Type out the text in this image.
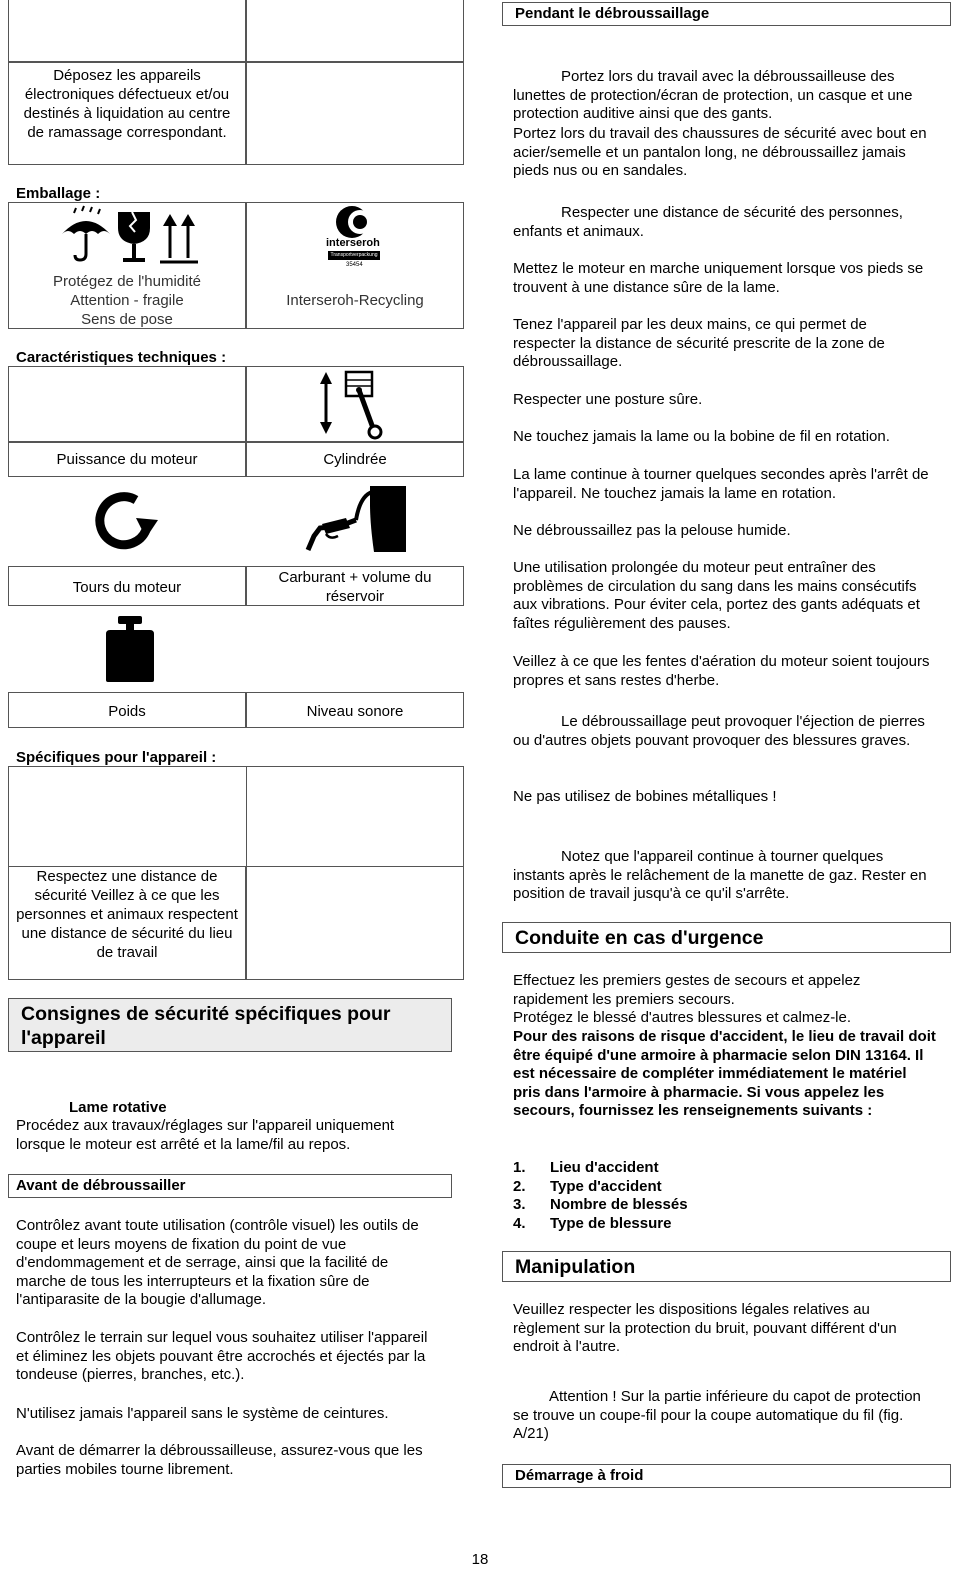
Déposez les appareils électroniques défectueux et/ou destinés à liquidation au centre de ramassage correspondant.
Emballage :
Protégez de l'humidité
Attention - fragile
Sens de pose
interseroh
Transportverpackung
35454
Interseroh-Recycling
Caractéristiques techniques :
Puissance du moteur	Cylindrée
Tours du moteur
Carburant + volume du réservoir
Poids	Niveau sonore
Spécifiques pour l'appareil :
Respectez une distance de sécurité Veillez à ce que les personnes et animaux respectent une distance de sécurité du lieu de travail
Consignes de sécurité spécifiques pour l'appareil
Lame rotative
Procédez aux travaux/réglages sur l'appareil uniquement lorsque le moteur est arrêté et la lame/fil au repos.
Avant de débroussailler
Contrôlez avant toute utilisation (contrôle visuel) les outils de coupe et leurs moyens de fixation du point de vue d'endommagement et de serrage, ainsi que la facilité de marche de tous les interrupteurs et la fixation sûre de l'antiparasite de la bougie d'allumage.
Contrôlez le terrain sur lequel vous souhaitez utiliser l'appareil et éliminez les objets pouvant être accrochés et éjectés par la tondeuse (pierres, branches, etc.).
N'utilisez jamais l'appareil sans le système de ceintures.
Avant de démarrer la débroussailleuse, assurez-vous que les parties mobiles tourne librement.
Pendant le débroussaillage
Portez lors du travail avec la débroussailleuse des lunettes de protection/écran de protection, un casque et une protection auditive ainsi que des gants.
Portez lors du travail des chaussures de sécurité avec bout en acier/semelle et un pantalon long, ne débroussaillez jamais pieds nus ou en sandales.
Respecter une distance de sécurité des personnes, enfants et animaux.
Mettez le moteur en marche uniquement lorsque vos pieds se trouvent à une distance sûre de la lame.
Tenez l'appareil par les deux mains, ce qui permet de respecter la distance de sécurité prescrite de la zone de débroussaillage.
Respecter une posture sûre.
Ne touchez jamais la lame ou la bobine de fil en rotation.
La lame continue à tourner quelques secondes après l'arrêt de l'appareil. Ne touchez jamais la lame en rotation.
Ne débroussaillez pas la pelouse humide.
Une utilisation prolongée du moteur peut entraîner des problèmes de circulation du sang dans les mains consécutifs aux vibrations. Pour éviter cela, portez des gants adéquats et faîtes régulièrement des pauses.
Veillez à ce que les fentes d'aération du moteur soient toujours propres et sans restes d'herbe.
Le débroussaillage peut provoquer l'éjection de pierres ou d'autres objets pouvant provoquer des blessures graves.
Ne pas utilisez de bobines métalliques !
Notez que l'appareil continue à tourner quelques instants après le relâchement de la manette de gaz. Rester en position de travail jusqu'à ce qu'il s'arrête.
Conduite en cas d'urgence
Effectuez les premiers gestes de secours et appelez rapidement les premiers secours.
Protégez le blessé d'autres blessures et calmez-le.
Pour des raisons de risque d'accident, le lieu de travail doit être équipé d'une armoire à pharmacie selon DIN 13164. Il est nécessaire de compléter immédiatement le matériel pris dans l'armoire à pharmacie. Si vous appelez les secours, fournissez les renseignements suivants :
1. Lieu d'accident
2. Type d'accident
3. Nombre de blessés
4. Type de blessure
Manipulation
Veuillez respecter les dispositions légales relatives au règlement sur la protection du bruit, pouvant différent d'un endroit à l'autre.
Attention ! Sur la partie inférieure du capot de protection se trouve un coupe-fil pour la coupe automatique du fil (fig. A/21)
Démarrage à froid
18
